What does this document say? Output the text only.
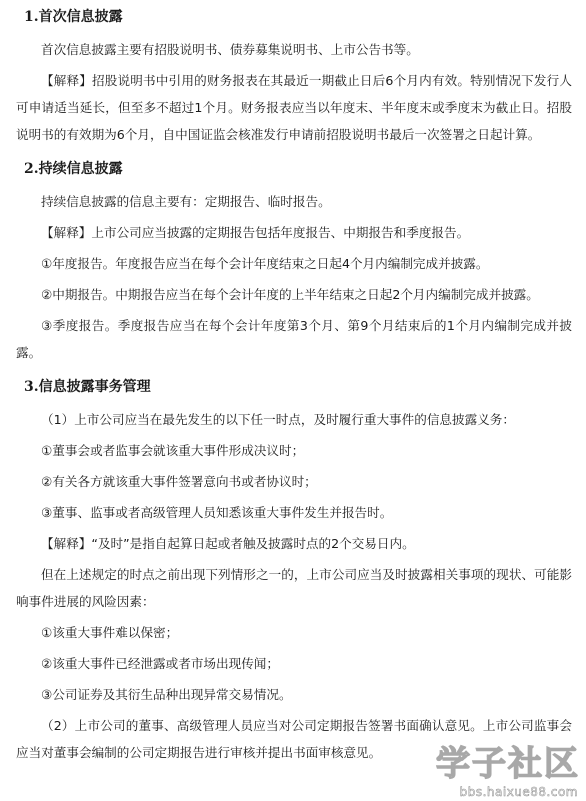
1.首次信息披露

首次信息披露主要有招股说明书、债券募集说明书、上市公告书等。

【解释】招股说明书中引用的财务报表在其最近一期截止日后6个月内有效。特别情况下发行人可申请适当延长，但至多不超过1个月。财务报表应当以年度末、半年度末或季度末为截止日。招股说明书的有效期为6个月，自中国证监会核准发行申请前招股说明书最后一次签署之日起计算。

2.持续信息披露

持续信息披露的信息主要有：定期报告、临时报告。

【解释】上市公司应当披露的定期报告包括年度报告、中期报告和季度报告。

①年度报告。年度报告应当在每个会计年度结束之日起4个月内编制完成并披露。

②中期报告。中期报告应当在每个会计年度的上半年结束之日起2个月内编制完成并披露。

③季度报告。季度报告应当在每个会计年度第3个月、第9个月结束后的1个月内编制完成并披露。

3.信息披露事务管理

（1）上市公司应当在最先发生的以下任一时点，及时履行重大事件的信息披露义务：

①董事会或者监事会就该重大事件形成决议时；

②有关各方就该重大事件签署意向书或者协议时；

③董事、监事或者高级管理人员知悉该重大事件发生并报告时。

【解释】“及时”是指自起算日起或者触及披露时点的2个交易日内。

但在上述规定的时点之前出现下列情形之一的，上市公司应当及时披露相关事项的现状、可能影响事件进展的风险因素：

①该重大事件难以保密；

②该重大事件已经泄露或者市场出现传闻；

③公司证券及其衍生品种出现异常交易情况。

（2）上市公司的董事、高级管理人员应当对公司定期报告签署书面确认意见。上市公司监事会应当对董事会编制的公司定期报告进行审核并提出书面审核意见。	学子社区
bbs.haixue88.com
